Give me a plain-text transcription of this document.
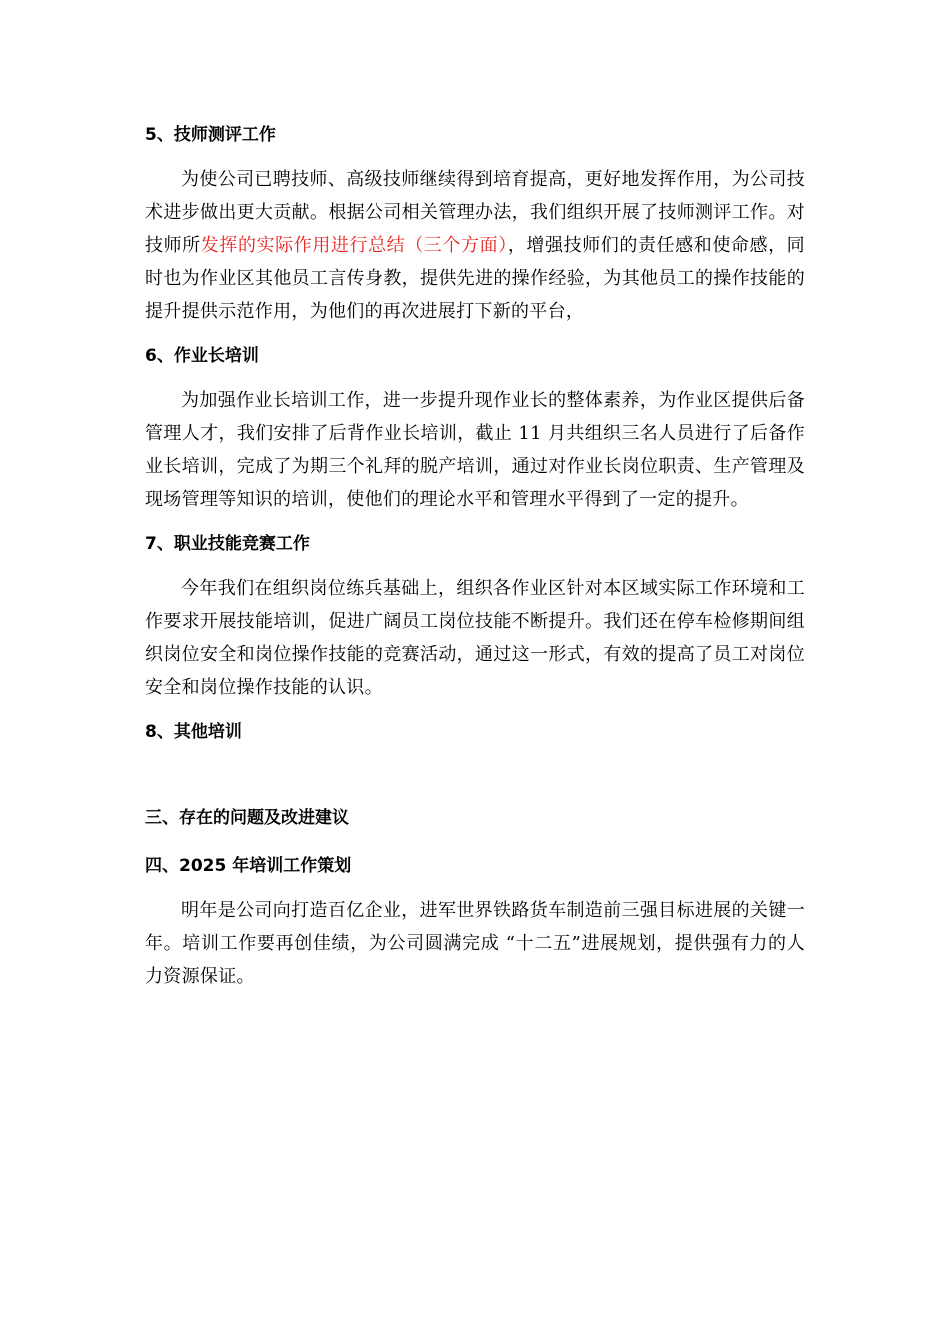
5、技师测评工作

为使公司已聘技师、高级技师继续得到培育提高，更好地发挥作用，为公司技术进步做出更大贡献。根据公司相关管理办法，我们组织开展了技师测评工作。对技师所发挥的实际作用进行总结（三个方面），增强技师们的责任感和使命感，同时也为作业区其他员工言传身教，提供先进的操作经验，为其他员工的操作技能的提升提供示范作用，为他们的再次进展打下新的平台，

6、作业长培训

为加强作业长培训工作，进一步提升现作业长的整体素养，为作业区提供后备管理人才，我们安排了后背作业长培训，截止 11 月共组织三名人员进行了后备作业长培训，完成了为期三个礼拜的脱产培训，通过对作业长岗位职责、生产管理及现场管理等知识的培训，使他们的理论水平和管理水平得到了一定的提升。

7、职业技能竞赛工作

今年我们在组织岗位练兵基础上，组织各作业区针对本区域实际工作环境和工作要求开展技能培训，促进广阔员工岗位技能不断提升。我们还在停车检修期间组织岗位安全和岗位操作技能的竞赛活动，通过这一形式，有效的提高了员工对岗位安全和岗位操作技能的认识。

8、其他培训
三、存在的问题及改进建议
四、2025 年培训工作策划

明年是公司向打造百亿企业，进军世界铁路货车制造前三强目标进展的关键一年。培训工作要再创佳绩，为公司圆满完成 “十二五”进展规划，提供强有力的人力资源保证。
